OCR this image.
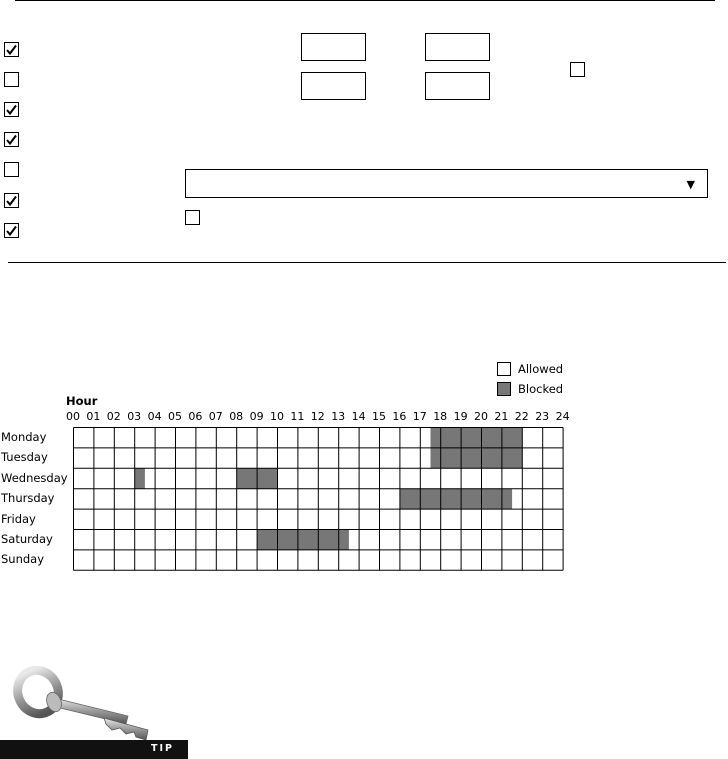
▼
Allowed
Blocked
Hour
00 01 02 03 04 05 06 07 08 09 10 11 12 13 14 15 16 17 18 19 20 21 22 23 24
Monday
Tuesday
Wednesday
Thursday
Friday
Saturday
Sunday
TIP
